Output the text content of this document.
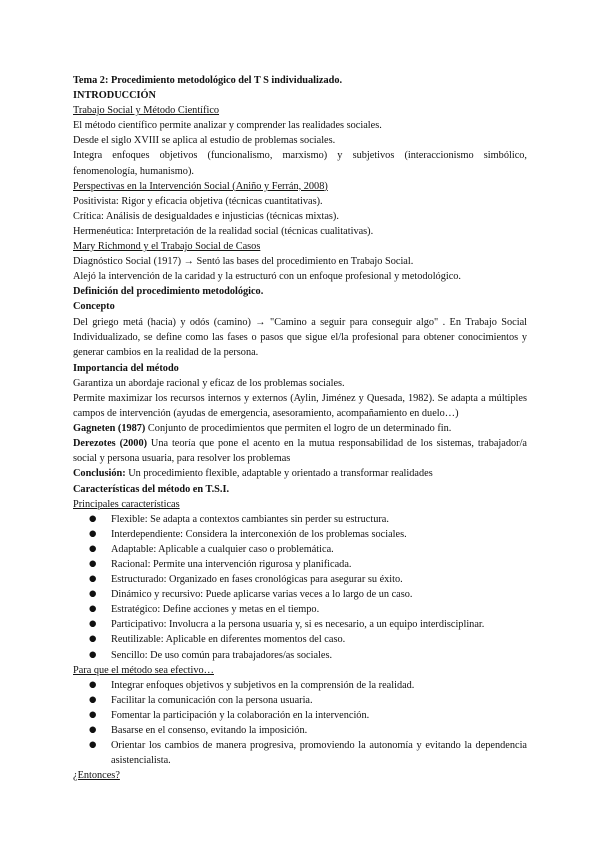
Tema 2: Procedimiento metodológico del T S individualizado.
INTRODUCCIÓN
Trabajo Social y Método Científico

El método científico permite analizar y comprender las realidades sociales.

Desde el siglo XVIII se aplica al estudio de problemas sociales.

Integra enfoques objetivos (funcionalismo, marxismo) y subjetivos (interaccionismo simbólico, fenomenología, humanismo).

Perspectivas en la Intervención Social (Aniño y Ferrán, 2008)

Positivista: Rigor y eficacia objetiva (técnicas cuantitativas).

Crítica: Análisis de desigualdades e injusticias (técnicas mixtas).

Hermenéutica: Interpretación de la realidad social (técnicas cualitativas).

Mary Richmond y el Trabajo Social de Casos

Diagnóstico Social (1917) → Sentó las bases del procedimiento en Trabajo Social.

Alejó la intervención de la caridad y la estructuró con un enfoque profesional y metodológico.

Definición del procedimiento metodológico.
Concepto

Del griego metá (hacia) y odós (camino) → "Camino a seguir para conseguir algo" . En Trabajo Social Individualizado, se define como las fases o pasos que sigue el/la profesional para obtener conocimientos y generar cambios en la realidad de la persona.

Importancia del método

Garantiza un abordaje racional y eficaz de los problemas sociales.

Permite maximizar los recursos internos y externos (Aylin, Jiménez y Quesada, 1982). Se adapta a múltiples campos de intervención (ayudas de emergencia, asesoramiento, acompañamiento en duelo…)

Gagneten (1987) Conjunto de procedimientos que permiten el logro de un determinado fin.

Derezotes (2000) Una teoría que pone el acento en la mutua responsabilidad de los sistemas, trabajador/a social y persona usuaria, para resolver los problemas

Conclusión: Un procedimiento flexible, adaptable y orientado a transformar realidades

Características del método en T.S.I.
Principales características
● Flexible: Se adapta a contextos cambiantes sin perder su estructura.
● Interdependiente: Considera la interconexión de los problemas sociales.
● Adaptable: Aplicable a cualquier caso o problemática.
● Racional: Permite una intervención rigurosa y planificada.
● Estructurado: Organizado en fases cronológicas para asegurar su éxito.
● Dinámico y recursivo: Puede aplicarse varias veces a lo largo de un caso.
● Estratégico: Define acciones y metas en el tiempo.
● Participativo: Involucra a la persona usuaria y, si es necesario, a un equipo interdisciplinar.
● Reutilizable: Aplicable en diferentes momentos del caso.
● Sencillo: De uso común para trabajadores/as sociales.
Para que el método sea efectivo…
● Integrar enfoques objetivos y subjetivos en la comprensión de la realidad.
● Facilitar la comunicación con la persona usuaria.
● Fomentar la participación y la colaboración en la intervención.
● Basarse en el consenso, evitando la imposición.
● Orientar los cambios de manera progresiva, promoviendo la autonomía y evitando la dependencia asistencialista.
¿Entonces?
